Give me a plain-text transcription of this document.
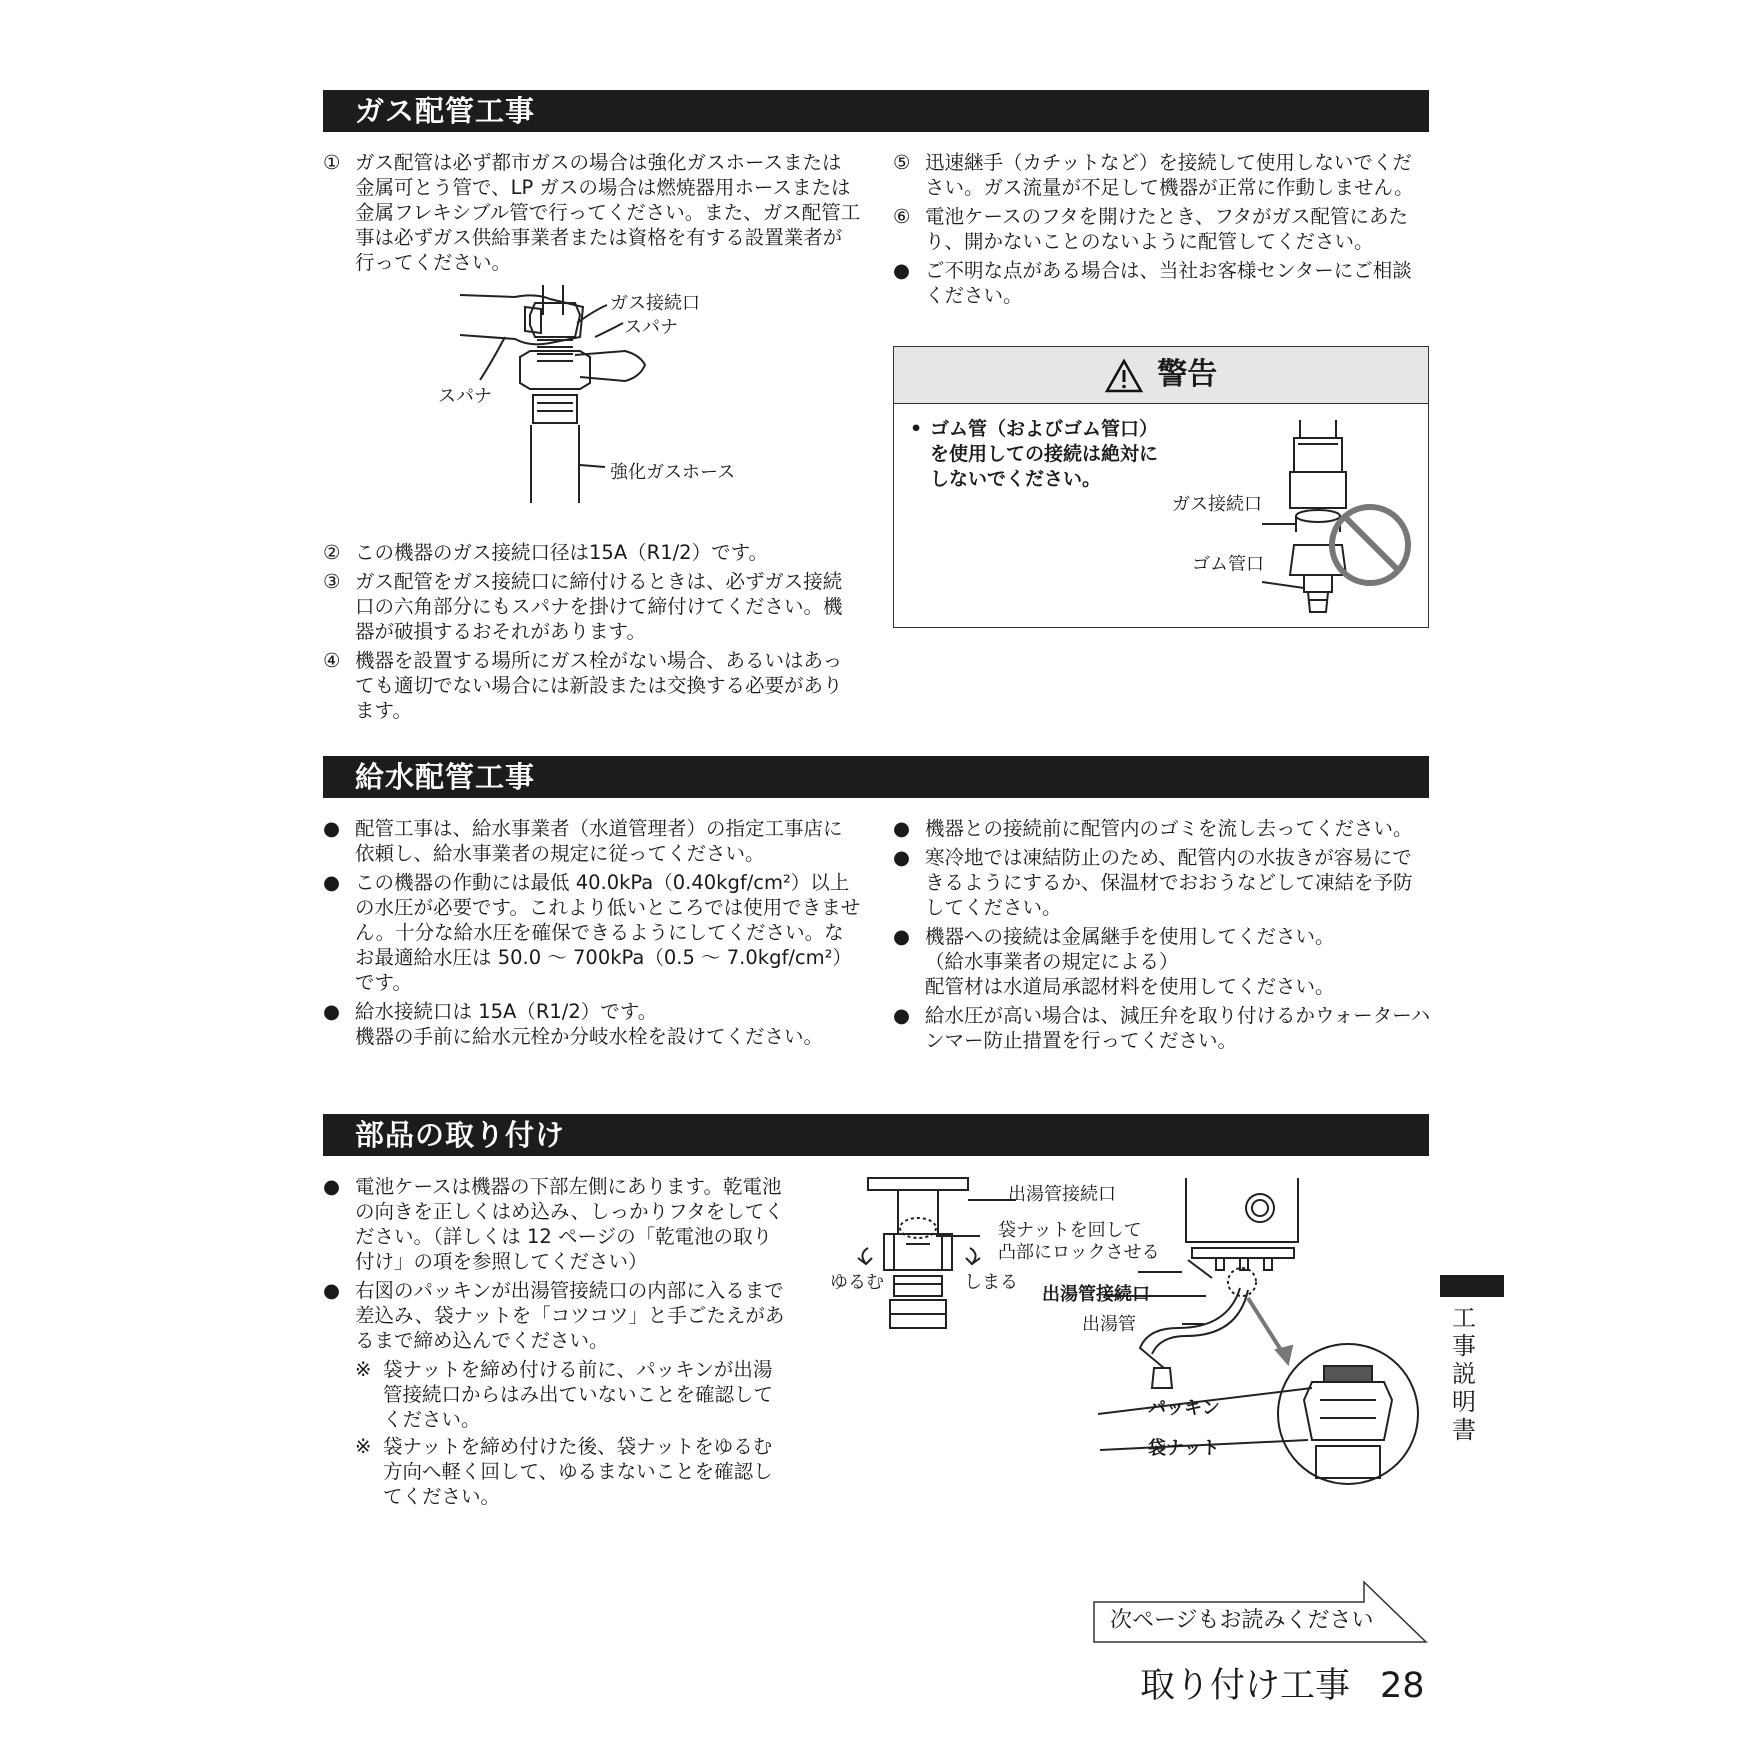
ガス配管工事
① ガス配管は必ず都市ガスの場合は強化ガスホースまたは金属可とう管で、LP ガスの場合は燃焼器用ホースまたは金属フレキシブル管で行ってください。また、ガス配管工事は必ずガス供給事業者または資格を有する設置業者が行ってください。
ガス接続口
スパナ
スパナ
強化ガスホース
② この機器のガス接続口径は15A（R1/2）です。
③ ガス配管をガス接続口に締付けるときは、必ずガス接続口の六角部分にもスパナを掛けて締付けてください。機器が破損するおそれがあります。
④ 機器を設置する場所にガス栓がない場合、あるいはあっても適切でない場合には新設または交換する必要があります。
⑤ 迅速継手（カチットなど）を接続して使用しないでください。ガス流量が不足して機器が正常に作動しません。
⑥ 電池ケースのフタを開けたとき、フタがガス配管にあたり、開かないことのないように配管してください。
● ご不明な点がある場合は、当社お客様センターにご相談ください。
警告
• ゴム管（およびゴム管口）を使用しての接続は絶対にしないでください。
ガス接続口
ゴム管口
給水配管工事
● 配管工事は、給水事業者（水道管理者）の指定工事店に依頼し、給水事業者の規定に従ってください。
● この機器の作動には最低 40.0kPa（0.40kgf/cm²）以上の水圧が必要です。これより低いところでは使用できません。十分な給水圧を確保できるようにしてください。なお最適給水圧は 50.0 ～ 700kPa（0.5 ～ 7.0kgf/cm²）です。
● 給水接続口は 15A（R1/2）です。
機器の手前に給水元栓か分岐水栓を設けてください。
● 機器との接続前に配管内のゴミを流し去ってください。
● 寒冷地では凍結防止のため、配管内の水抜きが容易にできるようにするか、保温材でおおうなどして凍結を予防してください。
● 機器への接続は金属継手を使用してください。
（給水事業者の規定による）
配管材は水道局承認材料を使用してください。
● 給水圧が高い場合は、減圧弁を取り付けるかウォーターハンマー防止措置を行ってください。
部品の取り付け
● 電池ケースは機器の下部左側にあります。乾電池の向きを正しくはめ込み、しっかりフタをしてください。（詳しくは 12 ページの「乾電池の取り付け」の項を参照してください）
● 右図のパッキンが出湯管接続口の内部に入るまで差込み、袋ナットを「コツコツ」と手ごたえがあるまで締め込んでください。
※ 袋ナットを締め付ける前に、パッキンが出湯管接続口からはみ出ていないことを確認してください。
※ 袋ナットを締め付けた後、袋ナットをゆるむ方向へ軽く回して、ゆるまないことを確認してください。
出湯管接続口
袋ナットを回して
凸部にロックさせる
ゆるむ	しまる
出湯管接続口
出湯管
パッキン
袋ナット
工事説明書
次ページもお読みください
取り付け工事 28
